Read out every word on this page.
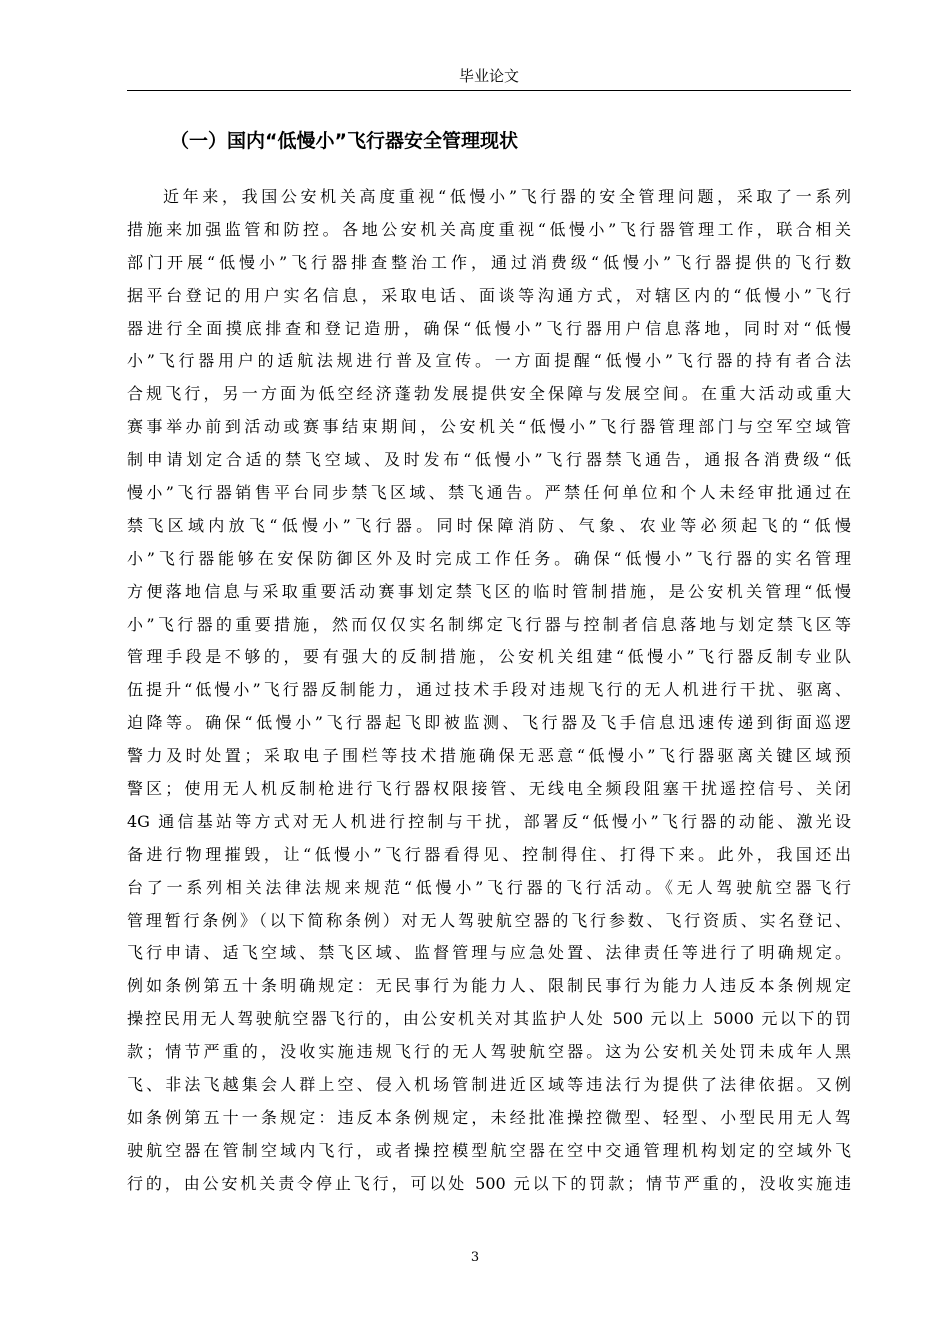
毕业论文
（一）国内“低慢小”飞行器安全管理现状
近年来，我国公安机关高度重视“低慢小”飞行器的安全管理问题，采取了一系列
措施来加强监管和防控。各地公安机关高度重视“低慢小”飞行器管理工作，联合相关
部门开展“低慢小”飞行器排查整治工作，通过消费级“低慢小”飞行器提供的飞行数
据平台登记的用户实名信息，采取电话、面谈等沟通方式，对辖区内的“低慢小”飞行
器进行全面摸底排查和登记造册，确保“低慢小”飞行器用户信息落地，同时对“低慢
小”飞行器用户的适航法规进行普及宣传。一方面提醒“低慢小”飞行器的持有者合法
合规飞行，另一方面为低空经济蓬勃发展提供安全保障与发展空间。在重大活动或重大
赛事举办前到活动或赛事结束期间，公安机关“低慢小”飞行器管理部门与空军空域管
制申请划定合适的禁飞空域、及时发布“低慢小”飞行器禁飞通告，通报各消费级“低
慢小”飞行器销售平台同步禁飞区域、禁飞通告。严禁任何单位和个人未经审批通过在
禁飞区域内放飞“低慢小”飞行器。同时保障消防、气象、农业等必须起飞的“低慢
小”飞行器能够在安保防御区外及时完成工作任务。确保“低慢小”飞行器的实名管理
方便落地信息与采取重要活动赛事划定禁飞区的临时管制措施，是公安机关管理“低慢
小”飞行器的重要措施，然而仅仅实名制绑定飞行器与控制者信息落地与划定禁飞区等
管理手段是不够的，要有强大的反制措施，公安机关组建“低慢小”飞行器反制专业队
伍提升“低慢小”飞行器反制能力，通过技术手段对违规飞行的无人机进行干扰、驱离、
迫降等。确保“低慢小”飞行器起飞即被监测、飞行器及飞手信息迅速传递到街面巡逻
警力及时处置；采取电子围栏等技术措施确保无恶意“低慢小”飞行器驱离关键区域预
警区；使用无人机反制枪进行飞行器权限接管、无线电全频段阻塞干扰遥控信号、关闭
4G 通信基站等方式对无人机进行控制与干扰，部署反“低慢小”飞行器的动能、激光设
备进行物理摧毁，让“低慢小”飞行器看得见、控制得住、打得下来。此外，我国还出
台了一系列相关法律法规来规范“低慢小”飞行器的飞行活动。《无人驾驶航空器飞行
管理暂行条例》（以下简称条例）对无人驾驶航空器的飞行参数、飞行资质、实名登记、
飞行申请、适飞空域、禁飞区域、监督管理与应急处置、法律责任等进行了明确规定。
例如条例第五十条明确规定：无民事行为能力人、限制民事行为能力人违反本条例规定
操控民用无人驾驶航空器飞行的，由公安机关对其监护人处 500 元以上 5000 元以下的罚
款；情节严重的，没收实施违规飞行的无人驾驶航空器。这为公安机关处罚未成年人黑
飞、非法飞越集会人群上空、侵入机场管制进近区域等违法行为提供了法律依据。又例
如条例第五十一条规定：违反本条例规定，未经批准操控微型、轻型、小型民用无人驾
驶航空器在管制空域内飞行，或者操控模型航空器在空中交通管理机构划定的空域外飞
行的，由公安机关责令停止飞行，可以处 500 元以下的罚款；情节严重的，没收实施违
3
